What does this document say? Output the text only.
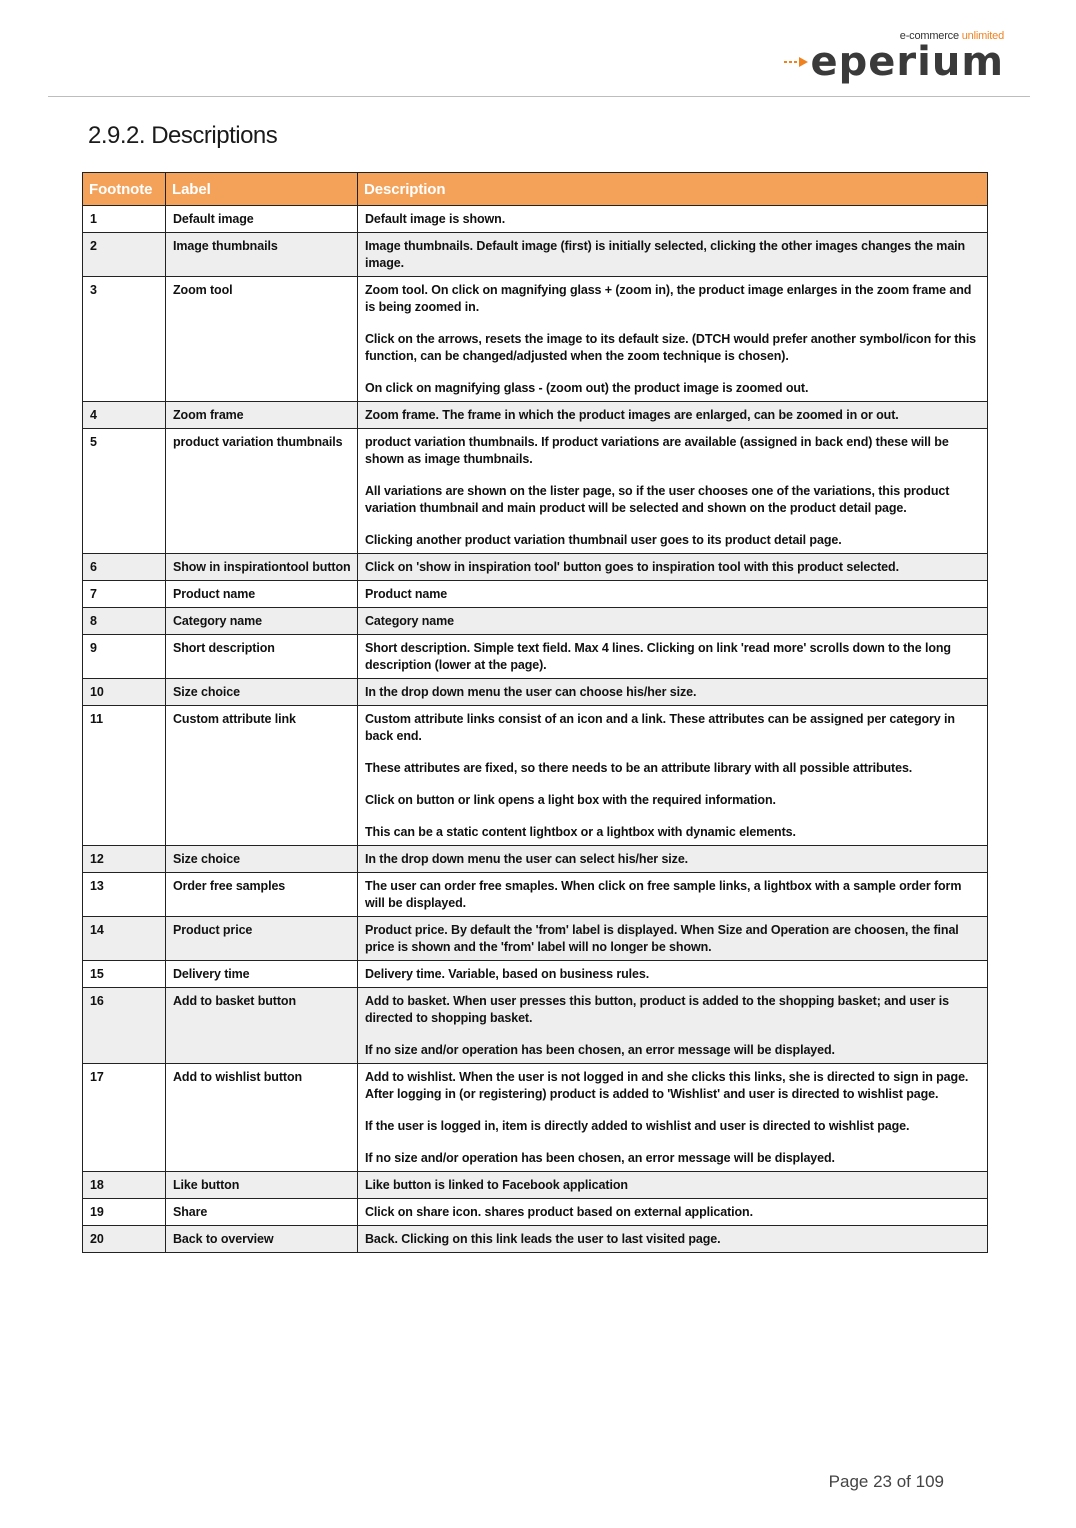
e-commerce unlimited
eperium
2.9.2. Descriptions
Footnote	Label	Description
1	Default image	Default image is shown.

2	Image thumbnails	Image thumbnails. Default image (first) is initially selected, clicking the other images changes the main image.

3	Zoom tool	Zoom tool. On click on magnifying glass + (zoom in), the product image enlarges in the zoom frame and is being zoomed in.

Click on the arrows, resets the image to its default size. (DTCH would prefer another symbol/icon for this function, can be changed/adjusted when the zoom technique is chosen).

On click on magnifying glass - (zoom out) the product image is zoomed out.

4	Zoom frame	Zoom frame. The frame in which the product images are enlarged, can be zoomed in or out.

5	product variation thumbnails	product variation thumbnails. If product variations are available (assigned in back end) these will be shown as image thumbnails.

All variations are shown on the lister page, so if the user chooses one of the variations, this product variation thumbnail and main product will be selected and shown on the product detail page.

Clicking another product variation thumbnail user goes to its product detail page.

6	Show in inspirationtool button	Click on 'show in inspiration tool' button goes to inspiration tool with this product selected.

7	Product name	Product name

8	Category name	Category name

9	Short description	Short description. Simple text field. Max 4 lines. Clicking on link 'read more' scrolls down to the long description (lower at the page).

10	Size choice	In the drop down menu the user can choose his/her size.

11	Custom attribute link	Custom attribute links consist of an icon and a link. These attributes can be assigned per category in back end.

These attributes are fixed, so there needs to be an attribute library with all possible attributes.

Click on button or link opens a light box with the required information.

This can be a static content lightbox or a lightbox with dynamic elements.

12	Size choice	In the drop down menu the user can select his/her size.

13	Order free samples	The user can order free smaples. When click on free sample links, a lightbox with a sample order form will be displayed.

14	Product price	Product price. By default the 'from' label is displayed. When Size and Operation are choosen, the final price is shown and the 'from' label will no longer be shown.

15	Delivery time	Delivery time. Variable, based on business rules.

16	Add to basket button	Add to basket. When user presses this button, product is added to the shopping basket; and user is directed to shopping basket.

If no size and/or operation has been chosen, an error message will be displayed.

17	Add to wishlist button	Add to wishlist. When the user is not logged in and she clicks this links, she is directed to sign in page.
After logging in (or registering) product is added to 'Wishlist' and user is directed to wishlist page.

If the user is logged in, item is directly added to wishlist and user is directed to wishlist page.

If no size and/or operation has been chosen, an error message will be displayed.

18	Like button	Like button is linked to Facebook application

19	Share	Click on share icon. shares product based on external application.

20	Back to overview	Back. Clicking on this link leads the user to last visited page.

Page 23 of 109
